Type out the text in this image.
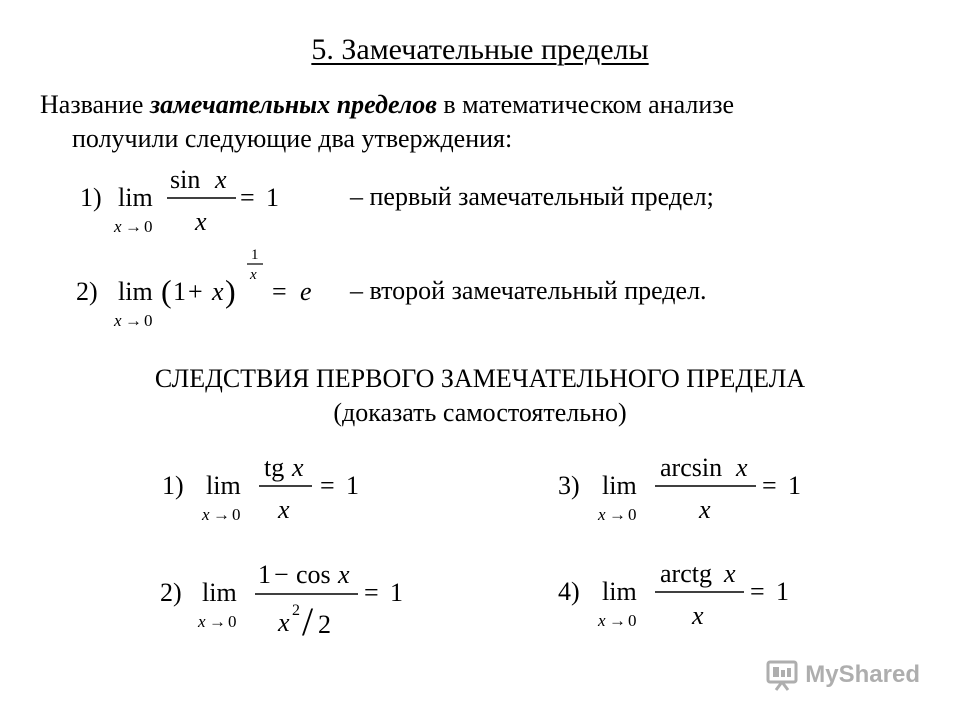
5. Замечательные пределы
Название замечательных пределов в математическом анализе
получили следующие два утверждения:
1) lim
x → 0
sin x
x
= 1	– первый замечательный предел;
2) lim
x → 0
( 1 + x )
1
x
= e – второй замечательный предел.
СЛЕДСТВИЯ ПЕРВОГО ЗАМЕЧАТЕЛЬНОГО ПРЕДЕЛА
(доказать самостоятельно)
1) lim
x → 0
tg x
x
= 1
2) lim
x → 0
1 − cos x
x 2 / 2
= 1
3) lim
x → 0
arcsin x
x
= 1
4) lim
x → 0
arctg x
x
= 1
MyShared
